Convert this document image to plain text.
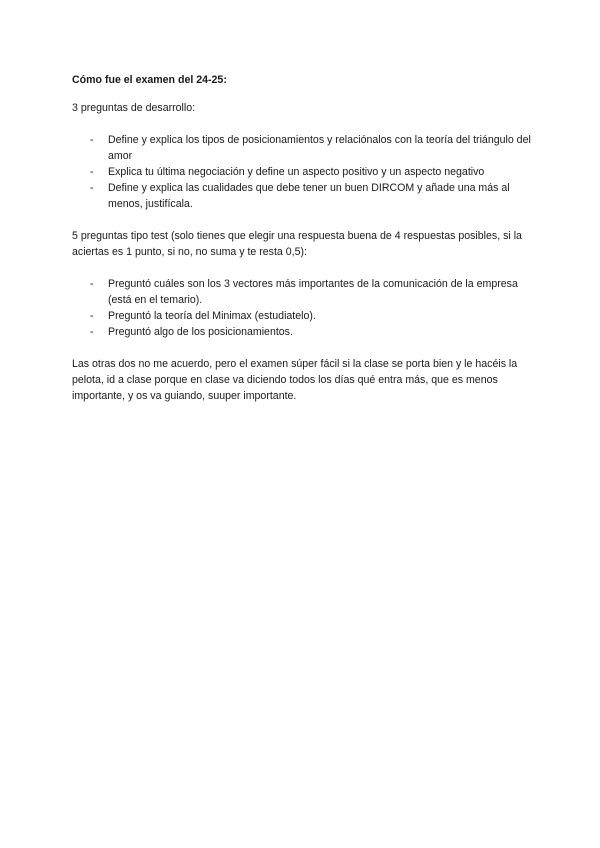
Cómo fue el examen del 24-25:

3 preguntas de desarrollo:

- Define y explica los tipos de posicionamientos y relaciónalos con la teoría del triángulo del amor
- Explica tu última negociación y define un aspecto positivo y un aspecto negativo
- Define y explica las cualidades que debe tener un buen DIRCOM y añade una más al menos, justifícala.

5 preguntas tipo test (solo tienes que elegir una respuesta buena de 4 respuestas posibles, si la aciertas es 1 punto, si no, no suma y te resta 0,5):

- Preguntó cuáles son los 3 vectores más importantes de la comunicación de la empresa (está en el temario).
- Preguntó la teoría del Minimax (estudiatelo).
- Preguntó algo de los posicionamientos.

Las otras dos no me acuerdo, pero el examen súper fácil si la clase se porta bien y le hacéis la pelota, id a clase porque en clase va diciendo todos los días qué entra más, que es menos importante, y os va guiando, suuper importante.
